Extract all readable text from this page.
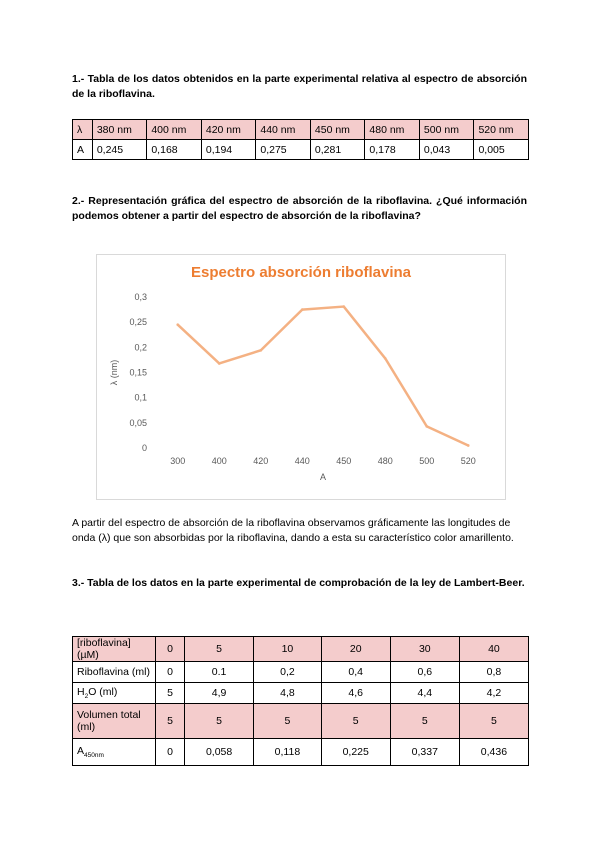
1.- Tabla de los datos obtenidos en la parte experimental relativa al espectro de absorción de la riboflavina.

λ	380 nm	400 nm	420 nm	440 nm	450 nm	480 nm	500 nm	520 nm
A	0,245	0,168	0,194	0,275	0,281	0,178	0,043	0,005

2.- Representación gráfica del espectro de absorción de la riboflavina. ¿Qué información podemos obtener a partir del espectro de absorción de la riboflavina?

Espectro absorción riboflavina
0,3
0,25
0,2
0,15
0,1
0,05
0
300	400	420	440	450	480	500	520
A
λ (nm)

A partir del espectro de absorción de la riboflavina observamos gráficamente las longitudes de onda (λ) que son absorbidas por la riboflavina, dando a esta su característico color amarillento.

3.- Tabla de los datos en la parte experimental de comprobación de la ley de Lambert-Beer.

[riboflavina] (µM)	0	5	10	20	30	40
Riboflavina (ml)	0	0.1	0,2	0,4	0,6	0,8
$H_2O$ (ml)	5	4,9	4,8	4,6	4,4	4,2
Volumen total (ml)	5	5	5	5	5	5
$A_{450nm}$	0	0,058	0,118	0,225	0,337	0,436
